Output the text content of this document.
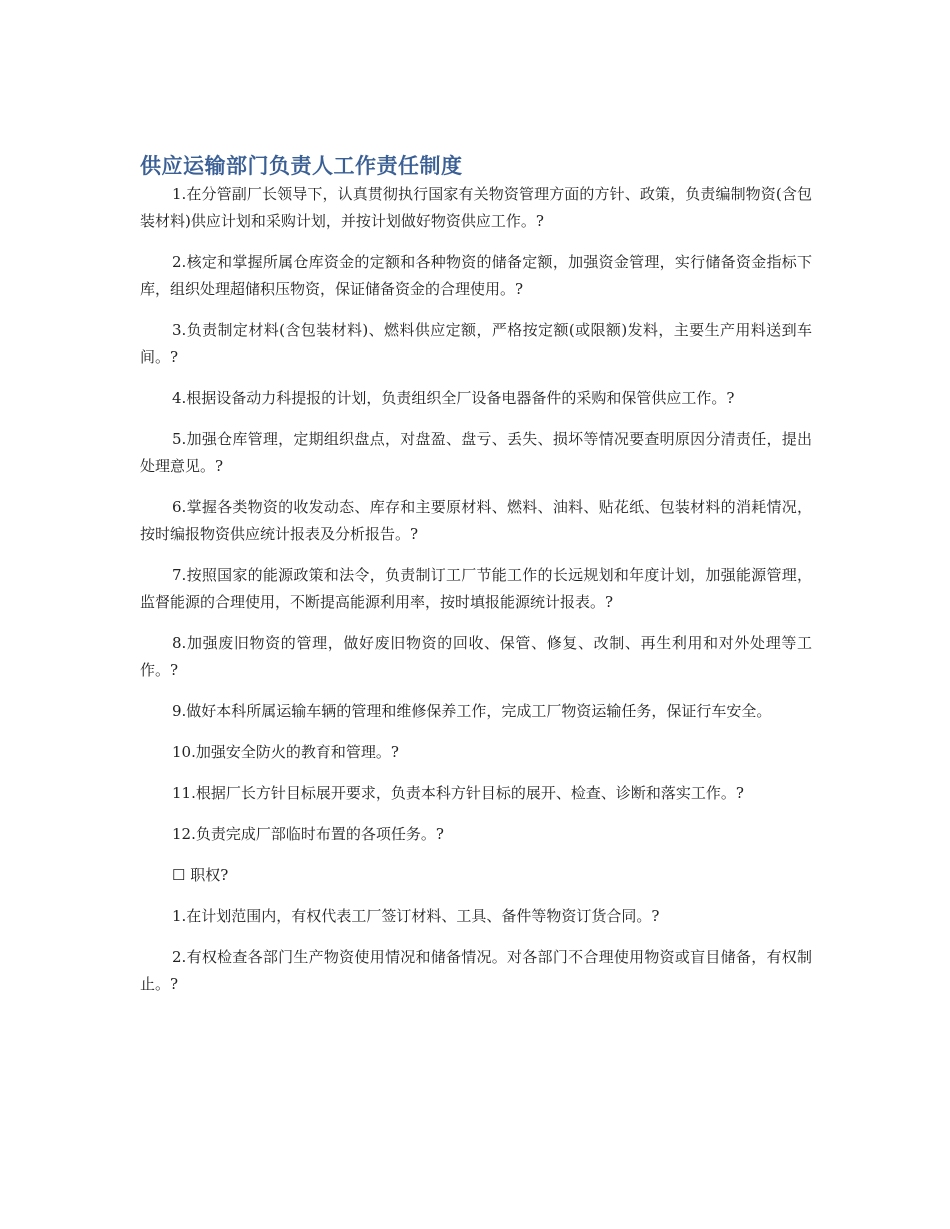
供应运输部门负责人工作责任制度

1.在分管副厂长领导下，认真贯彻执行国家有关物资管理方面的方针、政策，负责编制物资(含包装材料)供应计划和采购计划，并按计划做好物资供应工作。?

2.核定和掌握所属仓库资金的定额和各种物资的储备定额，加强资金管理，实行储备资金指标下库，组织处理超储积压物资，保证储备资金的合理使用。?

3.负责制定材料(含包装材料)、燃料供应定额，严格按定额(或限额)发料，主要生产用料送到车间。?

4.根据设备动力科提报的计划，负责组织全厂设备电器备件的采购和保管供应工作。?

5.加强仓库管理，定期组织盘点，对盘盈、盘亏、丢失、损坏等情况要查明原因分清责任，提出处理意见。?

6.掌握各类物资的收发动态、库存和主要原材料、燃料、油料、贴花纸、包装材料的消耗情况，按时编报物资供应统计报表及分析报告。?

7.按照国家的能源政策和法令，负责制订工厂节能工作的长远规划和年度计划，加强能源管理，监督能源的合理使用，不断提高能源利用率，按时填报能源统计报表。?

8.加强废旧物资的管理，做好废旧物资的回收、保管、修复、改制、再生利用和对外处理等工作。?

9.做好本科所属运输车辆的管理和维修保养工作，完成工厂物资运输任务，保证行车安全。

10.加强安全防火的教育和管理。?

11.根据厂长方针目标展开要求，负责本科方针目标的展开、检查、诊断和落实工作。?

12.负责完成厂部临时布置的各项任务。?

☐ 职权?

1.在计划范围内，有权代表工厂签订材料、工具、备件等物资订货合同。?

2.有权检查各部门生产物资使用情况和储备情况。对各部门不合理使用物资或盲目储备，有权制止。?
